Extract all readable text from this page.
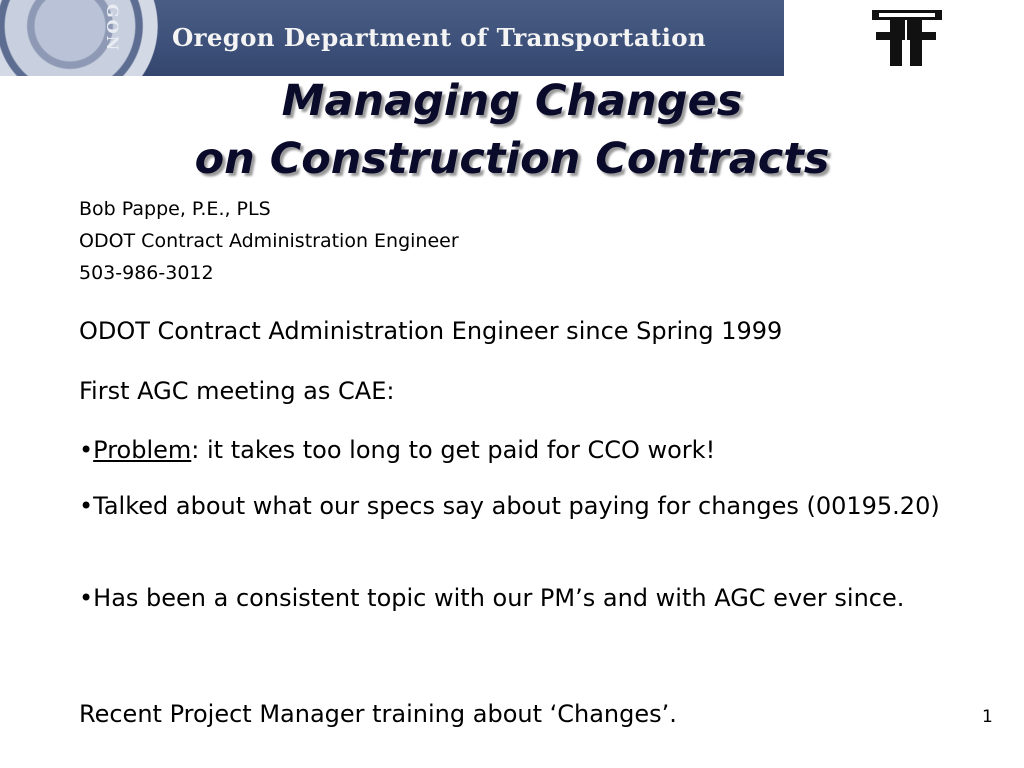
GON Oregon Department of Transportation
Managing Changes
on Construction Contracts
Bob Pappe, P.E., PLS
ODOT Contract Administration Engineer
503-986-3012
ODOT Contract Administration Engineer since Spring 1999
First AGC meeting as CAE:
•Problem: it takes too long to get paid for CCO work!
•Talked about what our specs say about paying for changes (00195.20)
•Has been a consistent topic with our PM’s and with AGC ever since.
Recent Project Manager training about ‘Changes’.	1
